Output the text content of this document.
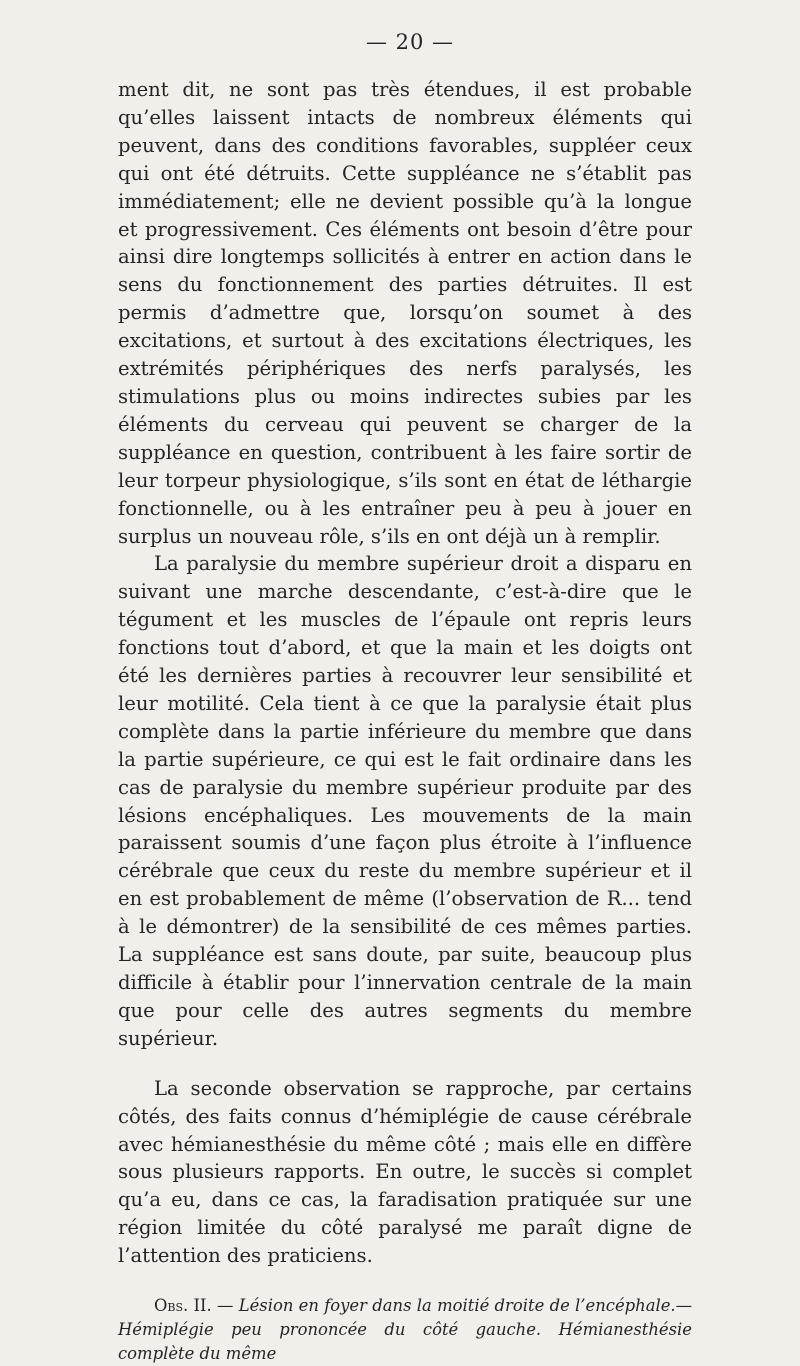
— 20 —

ment dit, ne sont pas très étendues, il est probable qu’elles laissent intacts de nombreux éléments qui peuvent, dans des conditions favorables, suppléer ceux qui ont été détruits. Cette suppléance ne s’établit pas immédiatement; elle ne devient possible qu’à la longue et progressivement. Ces éléments ont besoin d’être pour ainsi dire longtemps sollicités à entrer en action dans le sens du fonctionnement des parties détruites. Il est permis d’admettre que, lorsqu’on soumet à des excitations, et surtout à des excitations électriques, les extrémités périphériques des nerfs paralysés, les stimulations plus ou moins indirectes subies par les éléments du cerveau qui peuvent se charger de la suppléance en question, contribuent à les faire sortir de leur torpeur physiologique, s’ils sont en état de léthargie fonctionnelle, ou à les entraîner peu à peu à jouer en surplus un nouveau rôle, s’ils en ont déjà un à remplir.

La paralysie du membre supérieur droit a disparu en suivant une marche descendante, c’est-à-dire que le tégument et les muscles de l’épaule ont repris leurs fonctions tout d’abord, et que la main et les doigts ont été les dernières parties à recouvrer leur sensibilité et leur motilité. Cela tient à ce que la paralysie était plus complète dans la partie inférieure du membre que dans la partie supérieure, ce qui est le fait ordinaire dans les cas de paralysie du membre supérieur produite par des lésions encéphaliques. Les mouvements de la main paraissent soumis d’une façon plus étroite à l’influence cérébrale que ceux du reste du membre supérieur et il en est probablement de même (l’observation de R... tend à le démontrer) de la sensibilité de ces mêmes parties. La suppléance est sans doute, par suite, beaucoup plus difficile à établir pour l’innervation centrale de la main que pour celle des autres segments du membre supérieur.

La seconde observation se rapproche, par certains côtés, des faits connus d’hémiplégie de cause cérébrale avec hémianesthésie du même côté ; mais elle en diffère sous plusieurs rapports. En outre, le succès si complet qu’a eu, dans ce cas, la faradisation pratiquée sur une région limitée du côté paralysé me paraît digne de l’attention des praticiens.

Obs. II. — Lésion en foyer dans la moitié droite de l’encéphale.— Hémiplégie peu prononcée du côté gauche. Hémianesthésie complète du même
